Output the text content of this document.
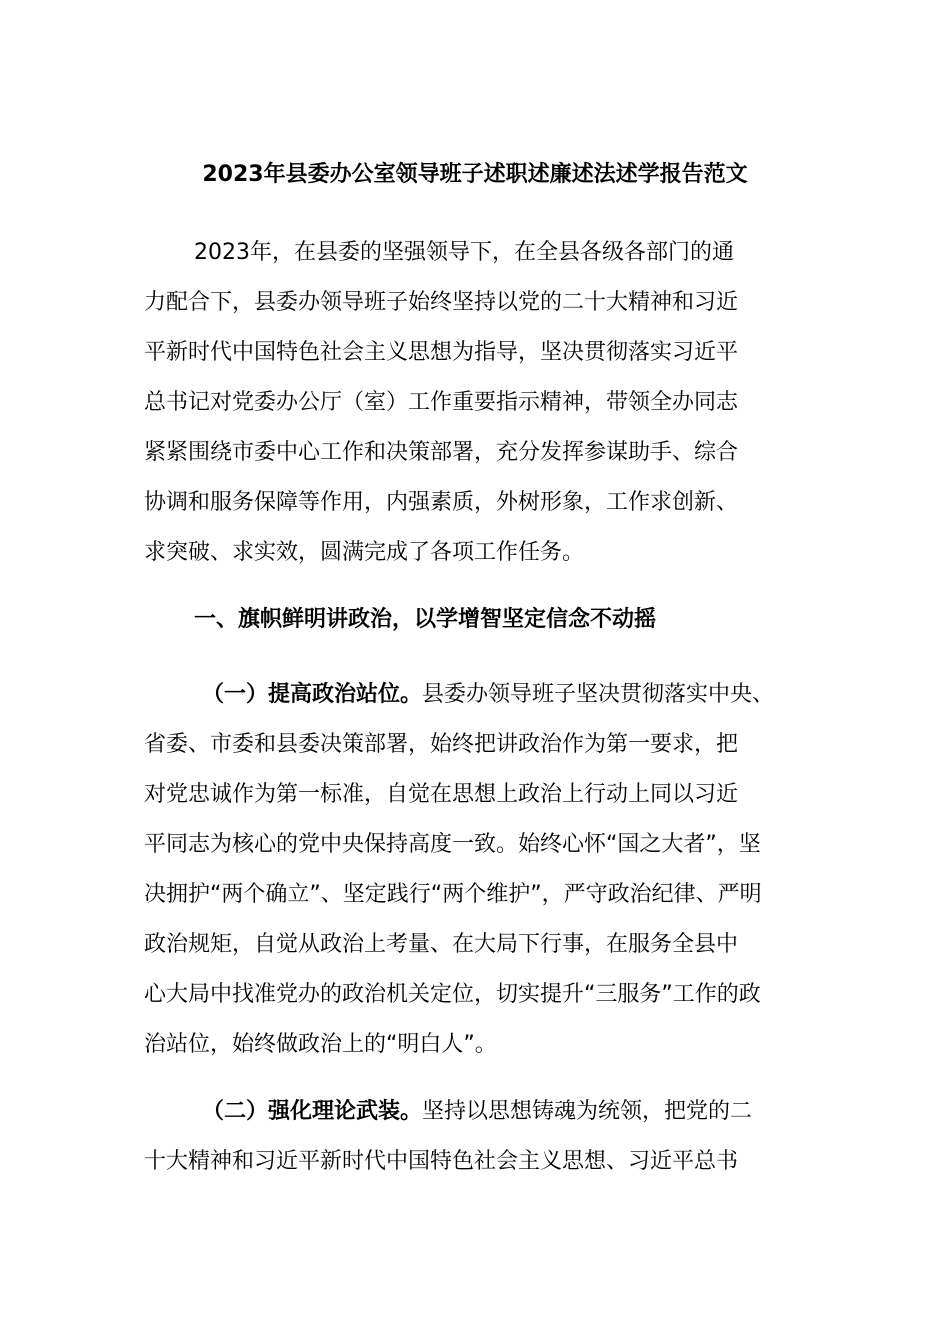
2023年县委办公室领导班子述职述廉述法述学报告范文
2023年，在县委的坚强领导下，在全县各级各部门的通
力配合下，县委办领导班子始终坚持以党的二十大精神和习近
平新时代中国特色社会主义思想为指导，坚决贯彻落实习近平
总书记对党委办公厅（室）工作重要指示精神，带领全办同志
紧紧围绕市委中心工作和决策部署，充分发挥参谋助手、综合
协调和服务保障等作用，内强素质，外树形象，工作求创新、
求突破、求实效，圆满完成了各项工作任务。
一、旗帜鲜明讲政治，以学增智坚定信念不动摇
（一）提高政治站位。县委办领导班子坚决贯彻落实中央、
省委、市委和县委决策部署，始终把讲政治作为第一要求，把
对党忠诚作为第一标准，自觉在思想上政治上行动上同以习近
平同志为核心的党中央保持高度一致。始终心怀“国之大者”，坚
决拥护“两个确立”、坚定践行“两个维护”，严守政治纪律、严明
政治规矩，自觉从政治上考量、在大局下行事，在服务全县中
心大局中找准党办的政治机关定位，切实提升“三服务”工作的政
治站位，始终做政治上的“明白人”。
（二）强化理论武装。坚持以思想铸魂为统领，把党的二
十大精神和习近平新时代中国特色社会主义思想、习近平总书
